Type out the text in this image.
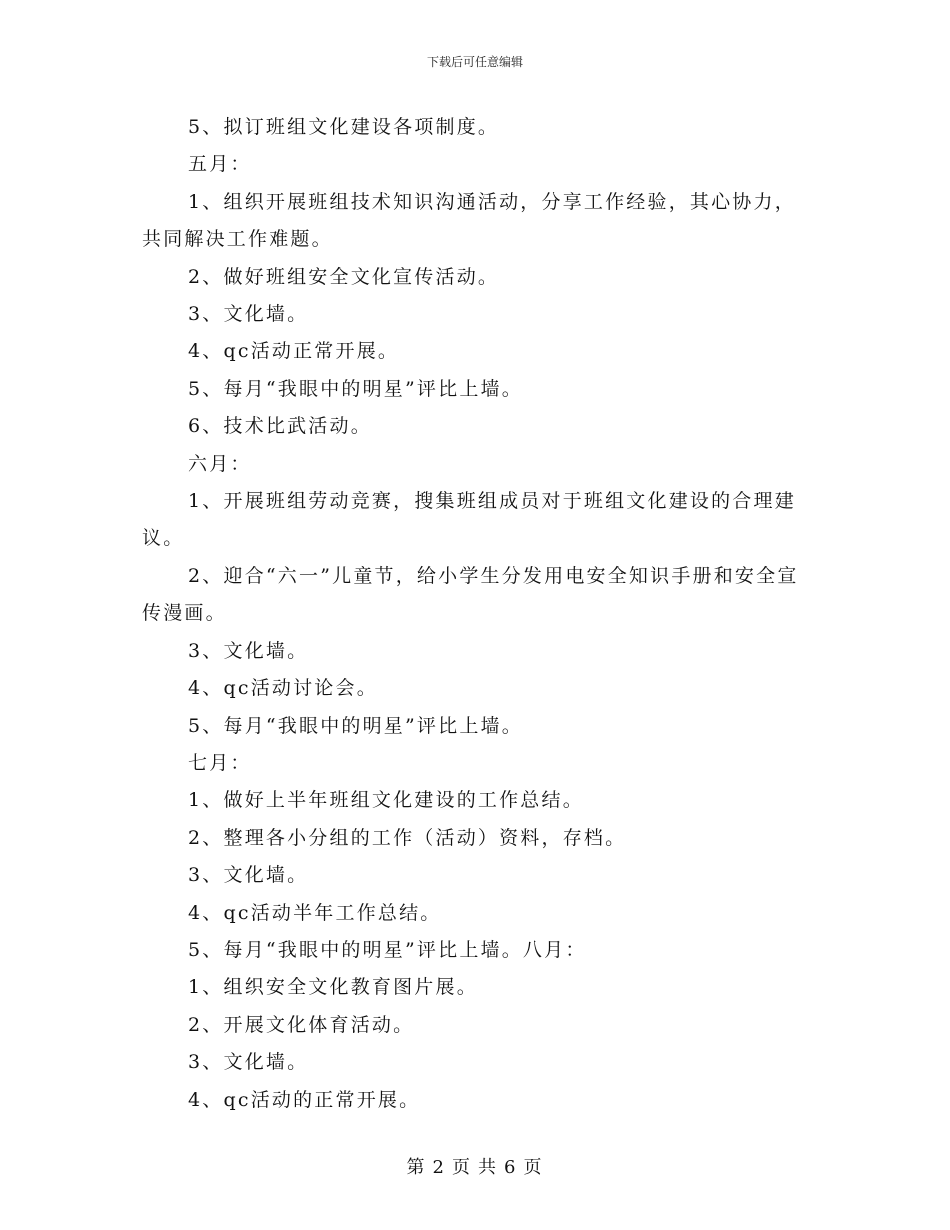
下载后可任意编辑

5、拟订班组文化建设各项制度。

五月：

1、组织开展班组技术知识沟通活动，分享工作经验，其心协力，共同解决工作难题。

2、做好班组安全文化宣传活动。

3、文化墙。

4、qc活动正常开展。

5、每月“我眼中的明星”评比上墙。

6、技术比武活动。

六月：

1、开展班组劳动竞赛，搜集班组成员对于班组文化建设的合理建议。

2、迎合“六一”儿童节，给小学生分发用电安全知识手册和安全宣传漫画。

3、文化墙。

4、qc活动讨论会。

5、每月“我眼中的明星”评比上墙。

七月：

1、做好上半年班组文化建设的工作总结。

2、整理各小分组的工作（活动）资料，存档。

3、文化墙。

4、qc活动半年工作总结。

5、每月“我眼中的明星”评比上墙。八月：

1、组织安全文化教育图片展。

2、开展文化体育活动。

3、文化墙。

4、qc活动的正常开展。

第 2 页 共 6 页
